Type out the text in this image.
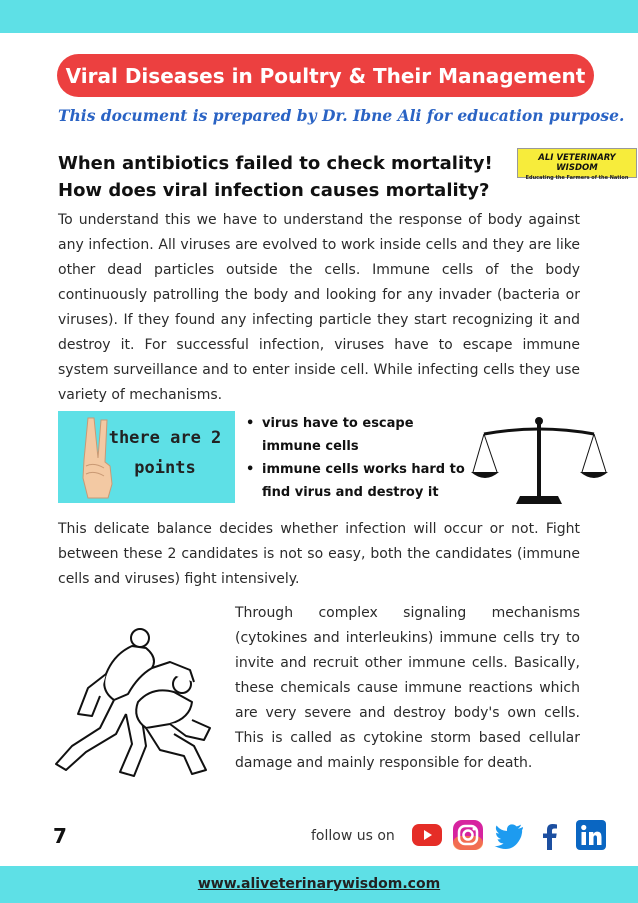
Viral Diseases in Poultry & Their Management
This document is prepared by Dr. Ibne Ali for education purpose.
When antibiotics failed to check mortality!
How does viral infection causes mortality?
ALI VETERINARY WISDOM
Educating the Farmers of the Nation

To understand this we have to understand the response of body against any infection. All viruses are evolved to work inside cells and they are like other dead particles outside the cells. Immune cells of the body continuously patrolling the body and looking for any invader (bacteria or viruses). If they found any infecting particle they start recognizing it and destroy it. For successful infection, viruses have to escape immune system surveillance and to enter inside cell. While infecting cells they use variety of mechanisms.

there are 2
points
• virus have to escape immune cells
• immune cells works hard to find virus and destroy it

This delicate balance decides whether infection will occur or not. Fight between these 2 candidates is not so easy, both the candidates (immune cells and viruses) fight intensively.

Through complex signaling mechanisms (cytokines and interleukins) immune cells try to invite and recruit other immune cells. Basically, these chemicals cause immune reactions which are very severe and destroy body's own cells. This is called as cytokine storm based cellular damage and mainly responsible for death.

7	follow us on
www.aliveterinarywisdom.com
